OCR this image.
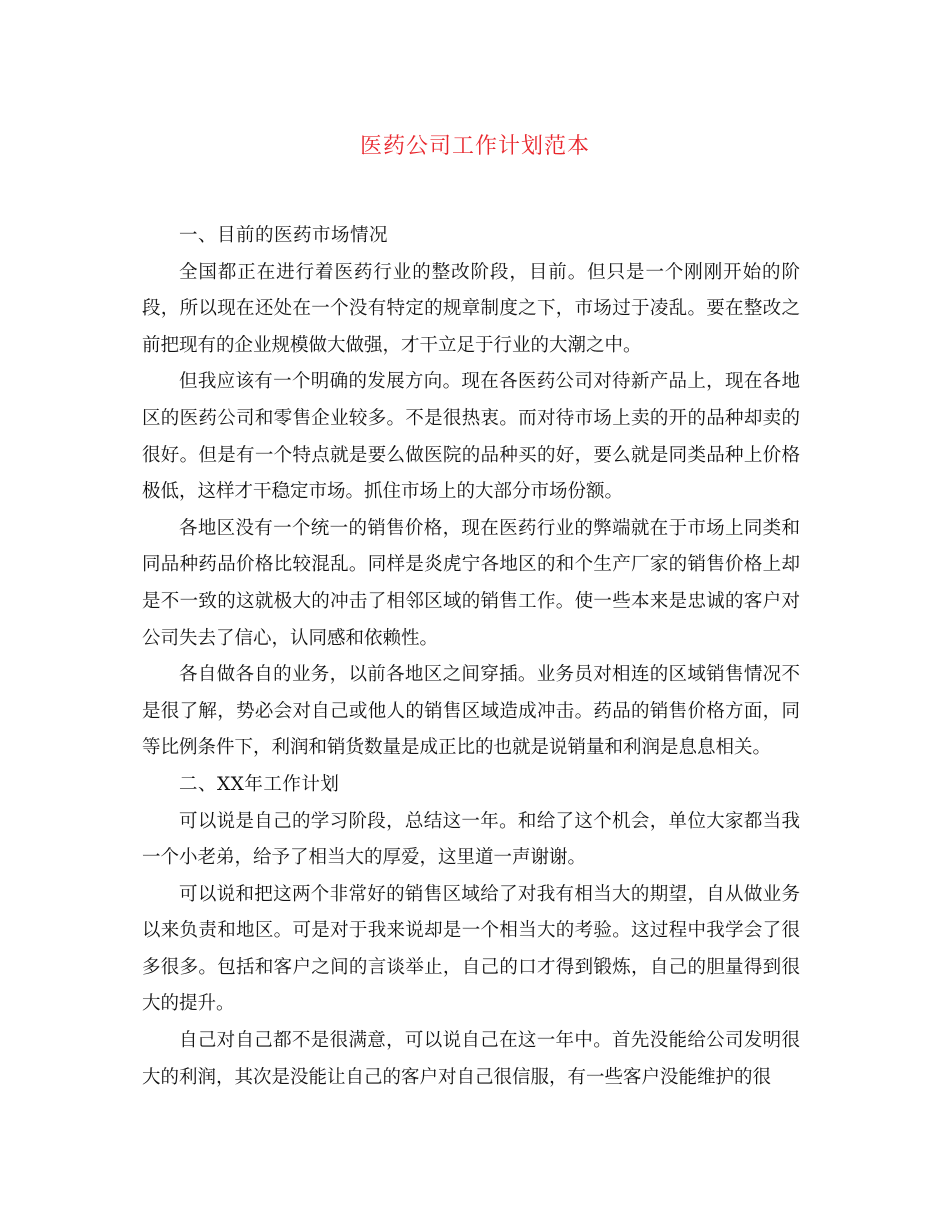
医药公司工作计划范本

一、目前的医药市场情况

全国都正在进行着医药行业的整改阶段，目前。但只是一个刚刚开始的阶段，所以现在还处在一个没有特定的规章制度之下，市场过于凌乱。要在整改之前把现有的企业规模做大做强，才干立足于行业的大潮之中。

但我应该有一个明确的发展方向。现在各医药公司对待新产品上，现在各地区的医药公司和零售企业较多。不是很热衷。而对待市场上卖的开的品种却卖的很好。但是有一个特点就是要么做医院的品种买的好，要么就是同类品种上价格极低，这样才干稳定市场。抓住市场上的大部分市场份额。

各地区没有一个统一的销售价格，现在医药行业的弊端就在于市场上同类和同品种药品价格比较混乱。同样是炎虎宁各地区的和个生产厂家的销售价格上却是不一致的这就极大的冲击了相邻区域的销售工作。使一些本来是忠诚的客户对公司失去了信心，认同感和依赖性。

各自做各自的业务，以前各地区之间穿插。业务员对相连的区域销售情况不是很了解，势必会对自己或他人的销售区域造成冲击。药品的销售价格方面，同等比例条件下，利润和销货数量是成正比的也就是说销量和利润是息息相关。

二、XX年工作计划

可以说是自己的学习阶段，总结这一年。和给了这个机会，单位大家都当我一个小老弟，给予了相当大的厚爱，这里道一声谢谢。

可以说和把这两个非常好的销售区域给了对我有相当大的期望，自从做业务以来负责和地区。可是对于我来说却是一个相当大的考验。这过程中我学会了很多很多。包括和客户之间的言谈举止，自己的口才得到锻炼，自己的胆量得到很大的提升。

自己对自己都不是很满意，可以说自己在这一年中。首先没能给公司发明很大的利润，其次是没能让自己的客户对自己很信服，有一些客户没能维护的很
